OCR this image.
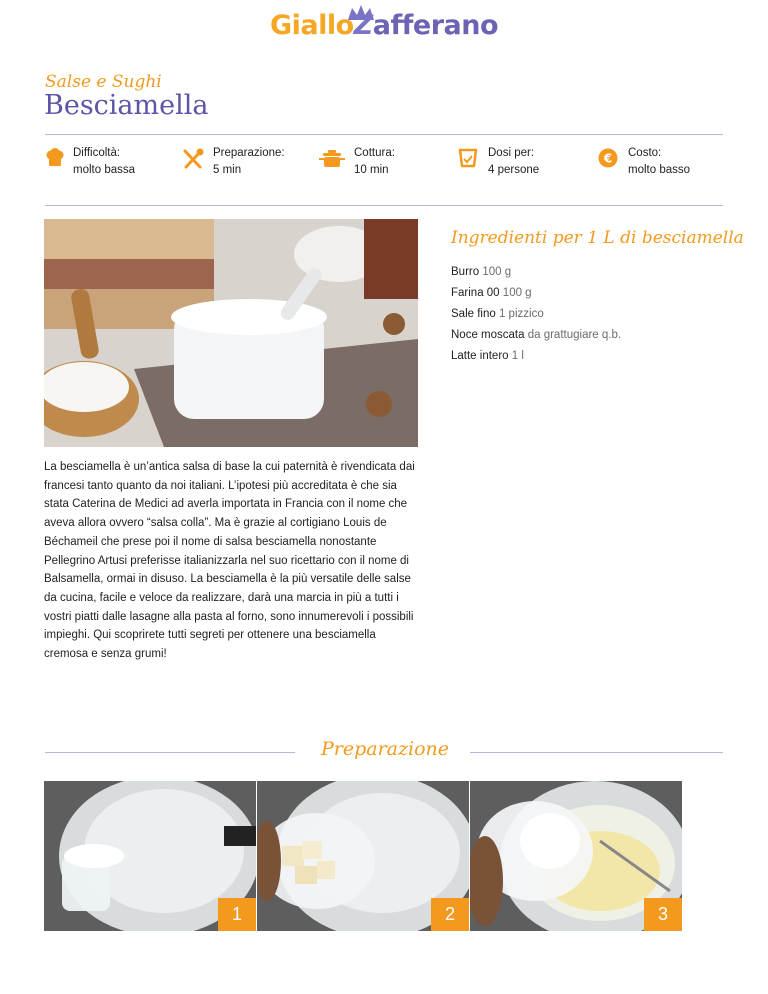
GialloZafferano
Salse e Sughi
Besciamella
Difficoltà:
molto bassa
Preparazione:
5 min
Cottura:
10 min
Dosi per:
4 persone
€ Costo:
molto basso
Ingredienti per 1 L di besciamella
Burro 100 g
Farina 00 100 g
Sale fino 1 pizzico
Noce moscata da grattugiare q.b.
Latte intero 1 l

La besciamella è un’antica salsa di base la cui paternità è rivendicata dai francesi tanto quanto da noi italiani. L’ipotesi più accreditata è che sia stata Caterina de Medici ad averla importata in Francia con il nome che aveva allora ovvero “salsa colla”. Ma è grazie al cortigiano Louis de Béchameil che prese poi il nome di salsa besciamella nonostante Pellegrino Artusi preferisse italianizzarla nel suo ricettario con il nome di Balsamella, ormai in disuso. La besciamella è la più versatile delle salse da cucina, facile e veloce da realizzare, darà una marcia in più a tutti i vostri piatti dalle lasagne alla pasta al forno, sono innumerevoli i possibili impieghi. Qui scoprirete tutti segreti per ottenere una besciamella cremosa e senza grumi!

Preparazione
1	2	3
